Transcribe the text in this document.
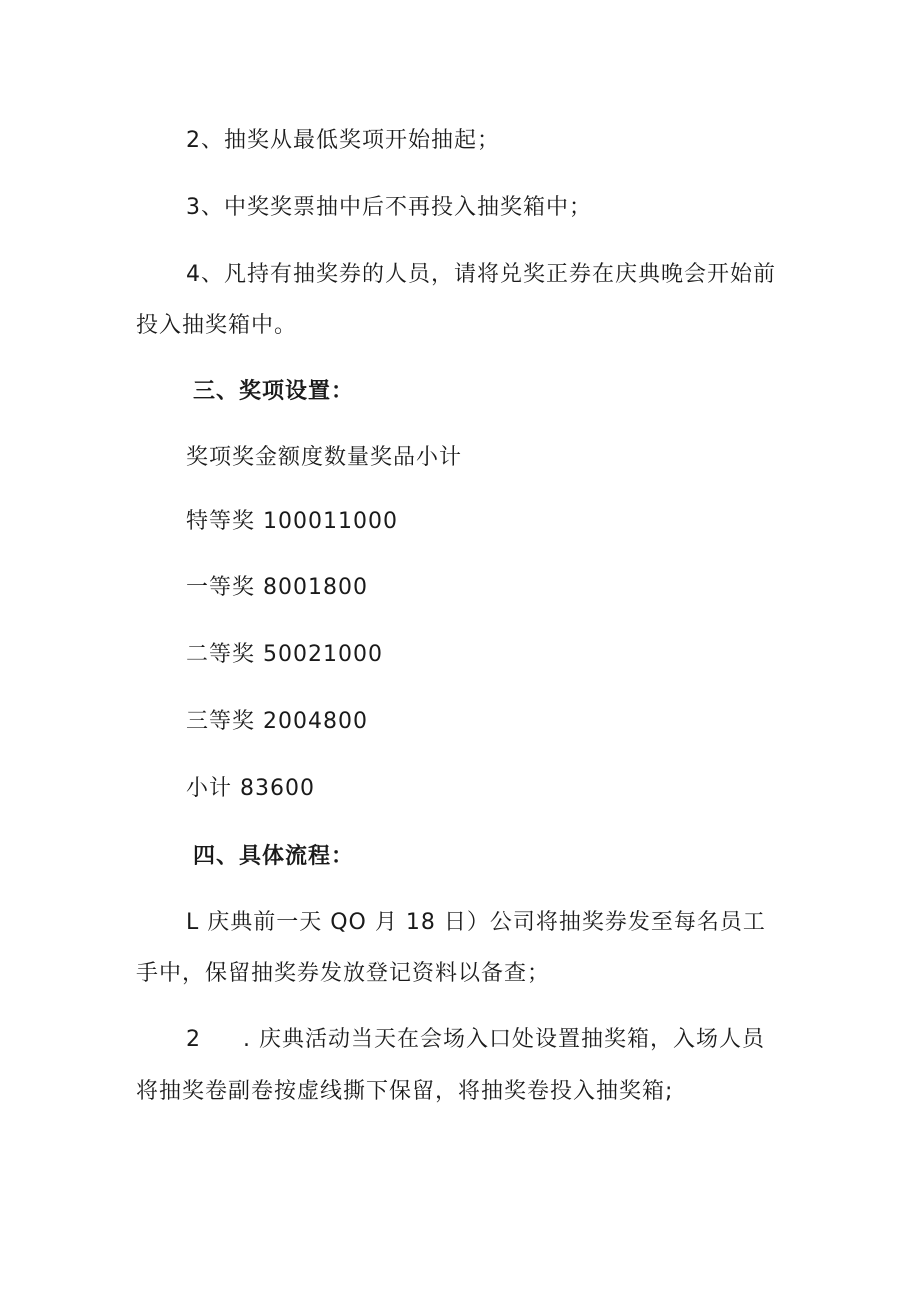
2、抽奖从最低奖项开始抽起；
3、中奖奖票抽中后不再投入抽奖箱中；
4、凡持有抽奖券的人员，请将兑奖正券在庆典晚会开始前
投入抽奖箱中。
三、奖项设置：
奖项奖金额度数量奖品小计
特等奖 100011000
一等奖 8001800
二等奖 50021000
三等奖 2004800
小计 83600
四、具体流程：
L 庆典前一天 QO 月 18 日）公司将抽奖券发至每名员工
手中，保留抽奖券发放登记资料以备查；
2 . 庆典活动当天在会场入口处设置抽奖箱，入场人员
将抽奖卷副卷按虚线撕下保留，将抽奖卷投入抽奖箱;
